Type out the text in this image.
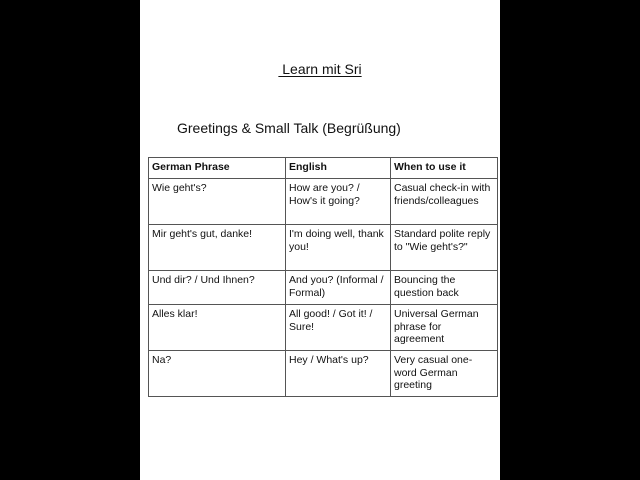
Learn mit Sri
Greetings & Small Talk (Begrüßung)
German Phrase	English	When to use it
Wie geht's?	How are you? / How's it going?	Casual check-in with friends/colleagues
Mir geht's gut, danke!	I'm doing well, thank you!	Standard polite reply to "Wie geht's?"
Und dir? / Und Ihnen?	And you? (Informal / Formal)	Bouncing the question back
Alles klar!	All good! / Got it! / Sure!	Universal German phrase for agreement
Na?	Hey / What's up?	Very casual one-word German greeting
